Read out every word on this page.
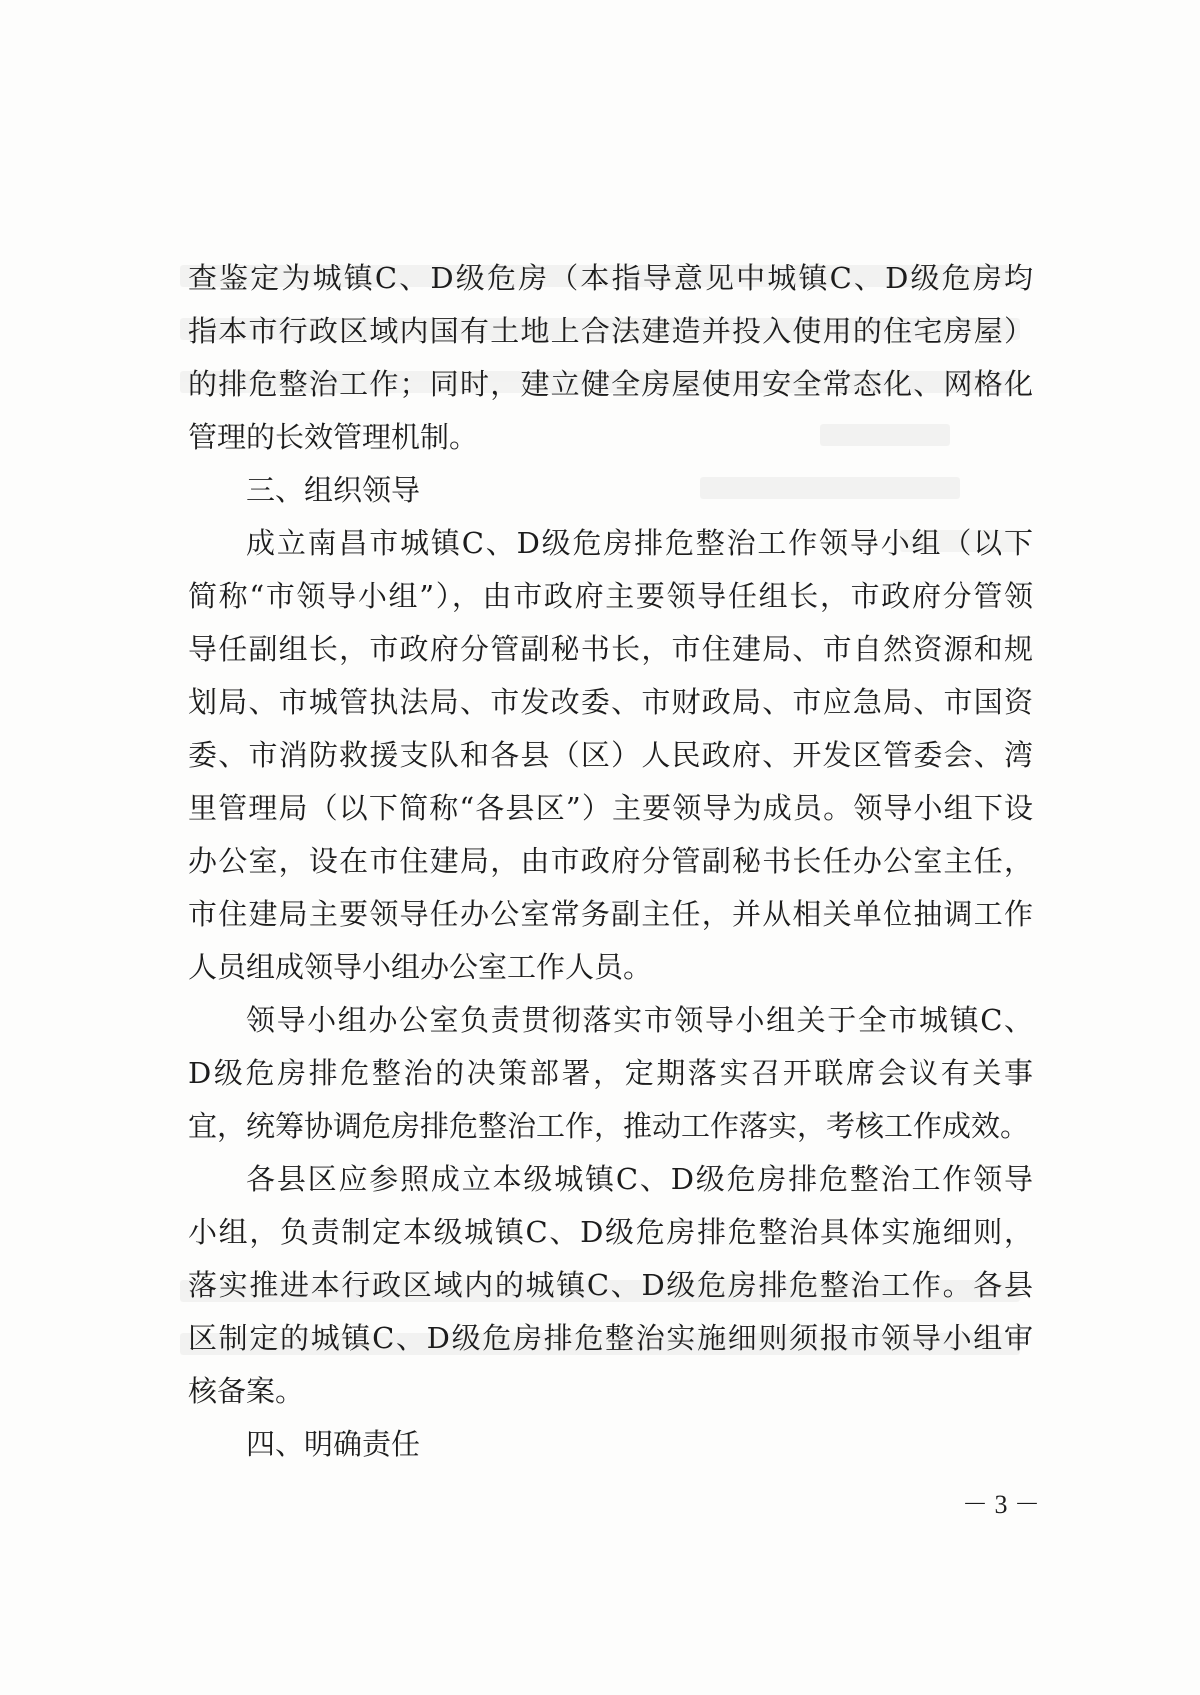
查鉴定为城镇C、D级危房（本指导意见中城镇C、D级危房均
指本市行政区域内国有土地上合法建造并投入使用的住宅房屋）
的排危整治工作；同时，建立健全房屋使用安全常态化、网格化
管理的长效管理机制。
三、组织领导
成立南昌市城镇C、D级危房排危整治工作领导小组（以下
简称“市领导小组”），由市政府主要领导任组长，市政府分管领
导任副组长，市政府分管副秘书长，市住建局、市自然资源和规
划局、市城管执法局、市发改委、市财政局、市应急局、市国资
委、市消防救援支队和各县（区）人民政府、开发区管委会、湾
里管理局（以下简称“各县区”）主要领导为成员。领导小组下设
办公室，设在市住建局，由市政府分管副秘书长任办公室主任，
市住建局主要领导任办公室常务副主任，并从相关单位抽调工作
人员组成领导小组办公室工作人员。
领导小组办公室负责贯彻落实市领导小组关于全市城镇C、
D级危房排危整治的决策部署，定期落实召开联席会议有关事
宜，统筹协调危房排危整治工作，推动工作落实，考核工作成效。
各县区应参照成立本级城镇C、D级危房排危整治工作领导
小组，负责制定本级城镇C、D级危房排危整治具体实施细则，
落实推进本行政区域内的城镇C、D级危房排危整治工作。各县
区制定的城镇C、D级危房排危整治实施细则须报市领导小组审
核备案。
四、明确责任
－ 3 －
